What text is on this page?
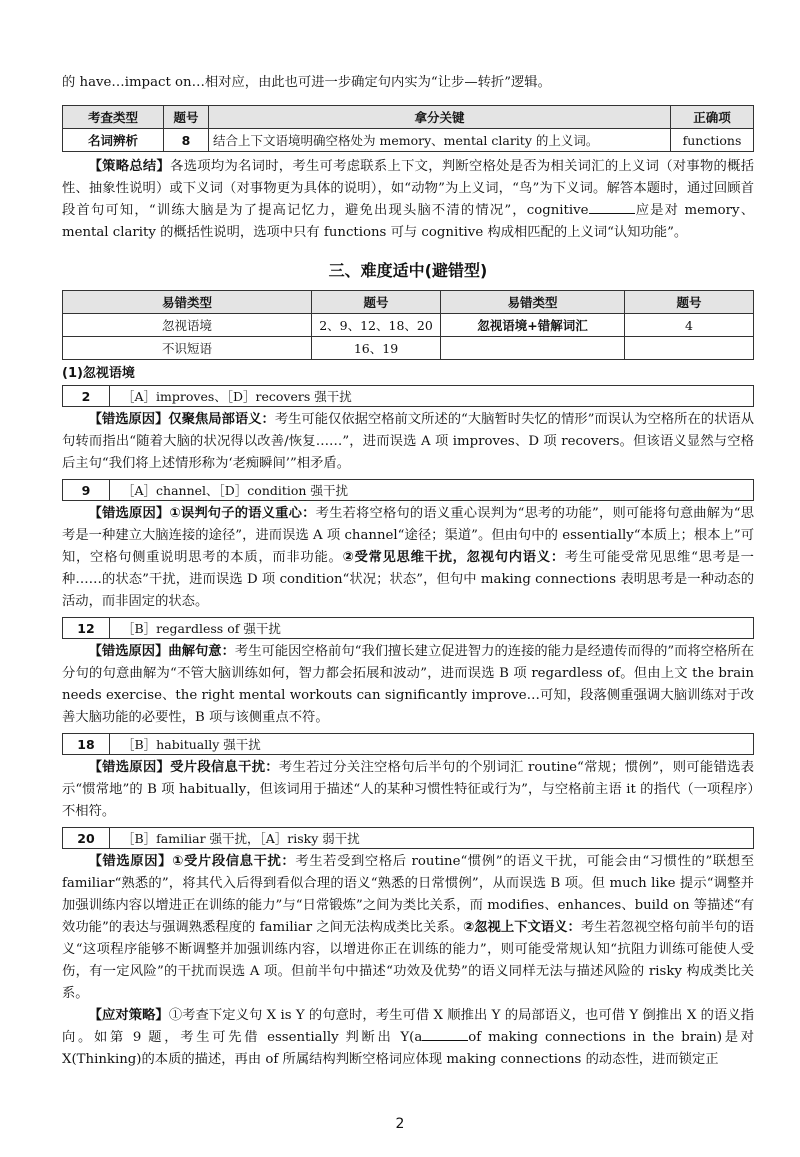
的 have…impact on…相对应，由此也可进一步确定句内实为“让步—转折”逻辑。

考查类型	题号	拿分关键	正确项
名词辨析	8	结合上下文语境明确空格处为 memory、mental clarity 的上义词。	functions

【策略总结】各选项均为名词时，考生可考虑联系上下文，判断空格处是否为相关词汇的上义词（对事物的概括性、抽象性说明）或下义词（对事物更为具体的说明），如“动物”为上义词，“鸟”为下义词。解答本题时，通过回顾首段首句可知，“训练大脑是为了提高记忆力，避免出现头脑不清的情况”，cognitive	应是对 memory、mental clarity 的概括性说明，选项中只有 functions 可与 cognitive 构成相匹配的上义词“认知功能”。

三、难度适中(避错型)
易错类型	题号	易错类型	题号
忽视语境	2、9、12、18、20	忽视语境+错解词汇	4
不识短语	16、19		
(1)忽视语境
2	［A］improves、［D］recovers 强干扰

【错选原因】仅聚焦局部语义：考生可能仅依据空格前文所述的“大脑暂时失忆的情形”而误认为空格所在的状语从句转而指出“随着大脑的状况得以改善/恢复……”，进而误选 A 项 improves、D 项 recovers。但该语义显然与空格后主句“我们将上述情形称为‘老痴瞬间’”相矛盾。

9	［A］channel、［D］condition 强干扰

【错选原因】①误判句子的语义重心：考生若将空格句的语义重心误判为“思考的功能”，则可能将句意曲解为“思考是一种建立大脑连接的途径”，进而误选 A 项 channel“途径；渠道”。但由句中的 essentially“本质上；根本上”可知，空格句侧重说明思考的本质，而非功能。②受常见思维干扰，忽视句内语义：考生可能受常见思维“思考是一种……的状态”干扰，进而误选 D 项 condition“状况；状态”，但句中 making connections 表明思考是一种动态的活动，而非固定的状态。

12	［B］regardless of 强干扰

【错选原因】曲解句意：考生可能因空格前句“我们擅长建立促进智力的连接的能力是经遗传而得的”而将空格所在分句的句意曲解为“不管大脑训练如何，智力都会拓展和波动”，进而误选 B 项 regardless of。但由上文 the brain needs exercise、the right mental workouts can significantly improve…可知，段落侧重强调大脑训练对于改善大脑功能的必要性，B 项与该侧重点不符。

18	［B］habitually 强干扰

【错选原因】受片段信息干扰：考生若过分关注空格句后半句的个别词汇 routine“常规；惯例”，则可能错选表示“惯常地”的 B 项 habitually，但该词用于描述“人的某种习惯性特征或行为”，与空格前主语 it 的指代（一项程序）不相符。

20	［B］familiar 强干扰，［A］risky 弱干扰

【错选原因】①受片段信息干扰：考生若受到空格后 routine“惯例”的语义干扰，可能会由“习惯性的”联想至 familiar“熟悉的”，将其代入后得到看似合理的语义“熟悉的日常惯例”，从而误选 B 项。但 much like 提示“调整并加强训练内容以增进正在训练的能力”与“日常锻炼”之间为类比关系，而 modifies、enhances、build on 等描述“有效功能”的表达与强调熟悉程度的 familiar 之间无法构成类比关系。②忽视上下文语义：考生若忽视空格句前半句的语义“这项程序能够不断调整并加强训练内容，以增进你正在训练的能力”，则可能受常规认知“抗阻力训练可能使人受伤，有一定风险”的干扰而误选 A 项。但前半句中描述“功效及优势”的语义同样无法与描述风险的 risky 构成类比关系。

【应对策略】①考查下定义句 X is Y 的句意时，考生可借 X 顺推出 Y 的局部语义，也可借 Y 倒推出 X 的语义指向。如第 9 题，考生可先借 essentially 判断出 Y(a	of making connections in the brain)是对 X(Thinking)的本质的描述，再由 of 所属结构判断空格词应体现 making connections 的动态性，进而锁定正

2
